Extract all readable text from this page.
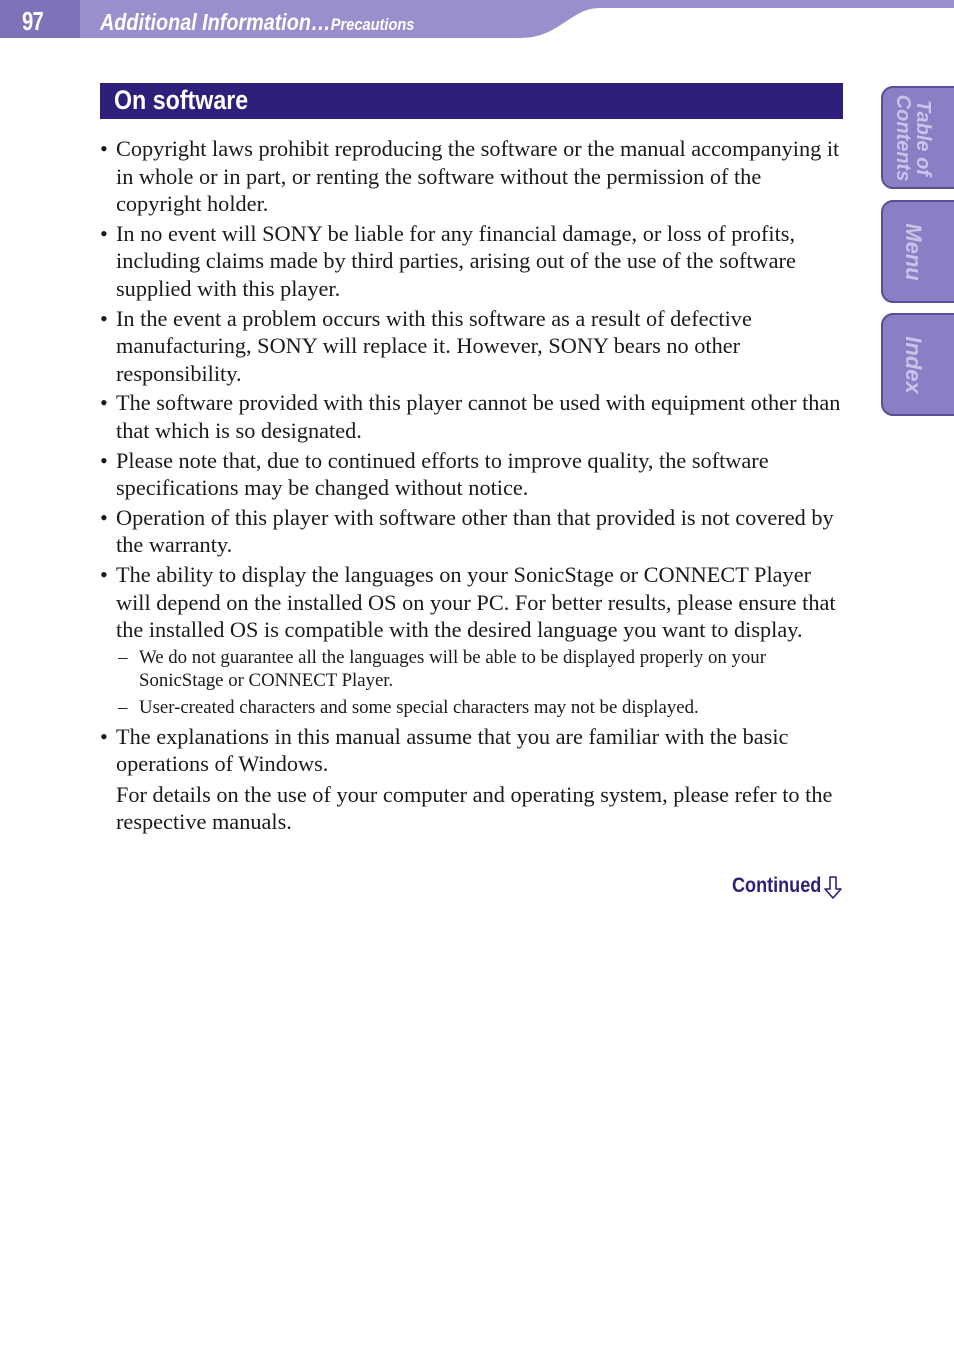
97 Additional Information…Precautions
On software
• Copyright laws prohibit reproducing the software or the manual accompanying it in whole or in part, or renting the software without the permission of the copyright holder.

• In no event will SONY be liable for any financial damage, or loss of profits, including claims made by third parties, arising out of the use of the software supplied with this player.

• In the event a problem occurs with this software as a result of defective manufacturing, SONY will replace it. However, SONY bears no other responsibility.

• The software provided with this player cannot be used with equipment other than that which is so designated.

• Please note that, due to continued efforts to improve quality, the software specifications may be changed without notice.

• Operation of this player with software other than that provided is not covered by the warranty.

• The ability to display the languages on your SonicStage or CONNECT Player will depend on the installed OS on your PC. For better results, please ensure that the installed OS is compatible with the desired language you want to display.

– We do not guarantee all the languages will be able to be displayed properly on your SonicStage or CONNECT Player.
– User-created characters and some special characters may not be displayed.
• The explanations in this manual assume that you are familiar with the basic operations of Windows.

For details on the use of your computer and operating system, please refer to the respective manuals.

Continued
Table of
Contents
Menu
Index
